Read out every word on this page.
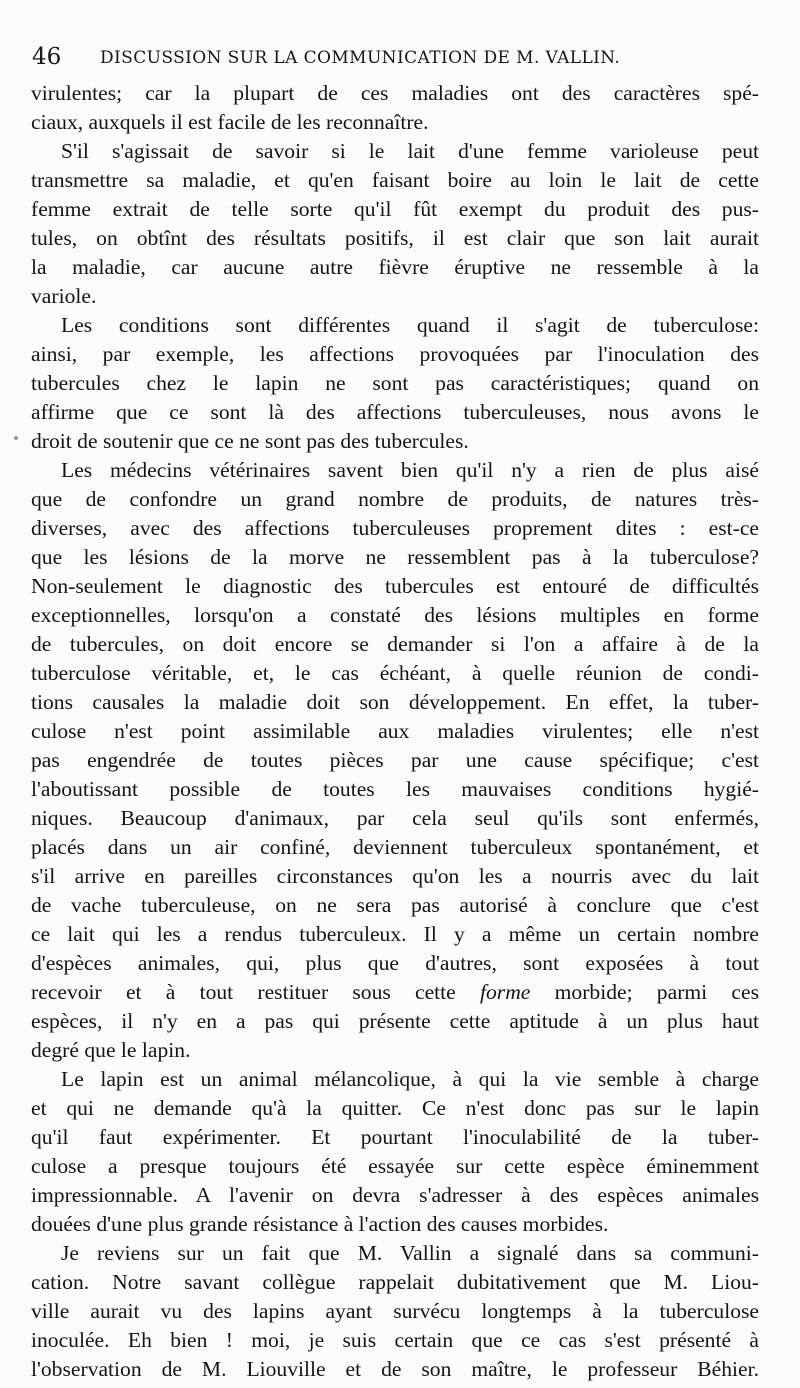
46 DISCUSSION SUR LA COMMUNICATION DE M. VALLIN.
virulentes; car la plupart de ces maladies ont des caractères spé-
ciaux, auxquels il est facile de les reconnaître.
S'il s'agissait de savoir si le lait d'une femme varioleuse peut
transmettre sa maladie, et qu'en faisant boire au loin le lait de cette
femme extrait de telle sorte qu'il fût exempt du produit des pus-
tules, on obtînt des résultats positifs, il est clair que son lait aurait
la maladie, car aucune autre fièvre éruptive ne ressemble à la
variole.
Les conditions sont différentes quand il s'agit de tuberculose:
ainsi, par exemple, les affections provoquées par l'inoculation des
tubercules chez le lapin ne sont pas caractéristiques; quand on
affirme que ce sont là des affections tuberculeuses, nous avons le
droit de soutenir que ce ne sont pas des tubercules.
Les médecins vétérinaires savent bien qu'il n'y a rien de plus aisé
que de confondre un grand nombre de produits, de natures très-
diverses, avec des affections tuberculeuses proprement dites : est-ce
que les lésions de la morve ne ressemblent pas à la tuberculose?
Non-seulement le diagnostic des tubercules est entouré de difficultés
exceptionnelles, lorsqu'on a constaté des lésions multiples en forme
de tubercules, on doit encore se demander si l'on a affaire à de la
tuberculose véritable, et, le cas échéant, à quelle réunion de condi-
tions causales la maladie doit son développement. En effet, la tuber-
culose n'est point assimilable aux maladies virulentes; elle n'est
pas engendrée de toutes pièces par une cause spécifique; c'est
l'aboutissant possible de toutes les mauvaises conditions hygié-
niques. Beaucoup d'animaux, par cela seul qu'ils sont enfermés,
placés dans un air confiné, deviennent tuberculeux spontanément, et
s'il arrive en pareilles circonstances qu'on les a nourris avec du lait
de vache tuberculeuse, on ne sera pas autorisé à conclure que c'est
ce lait qui les a rendus tuberculeux. Il y a même un certain nombre
d'espèces animales, qui, plus que d'autres, sont exposées à tout
recevoir et à tout restituer sous cette forme morbide; parmi ces
espèces, il n'y en a pas qui présente cette aptitude à un plus haut
degré que le lapin.
Le lapin est un animal mélancolique, à qui la vie semble à charge
et qui ne demande qu'à la quitter. Ce n'est donc pas sur le lapin
qu'il faut expérimenter. Et pourtant l'inoculabilité de la tuber-
culose a presque toujours été essayée sur cette espèce éminemment
impressionnable. A l'avenir on devra s'adresser à des espèces animales
douées d'une plus grande résistance à l'action des causes morbides.
Je reviens sur un fait que M. Vallin a signalé dans sa communi-
cation. Notre savant collègue rappelait dubitativement que M. Liou-
ville aurait vu des lapins ayant survécu longtemps à la tuberculose
inoculée. Eh bien ! moi, je suis certain que ce cas s'est présenté à
l'observation de M. Liouville et de son maître, le professeur Béhier.
